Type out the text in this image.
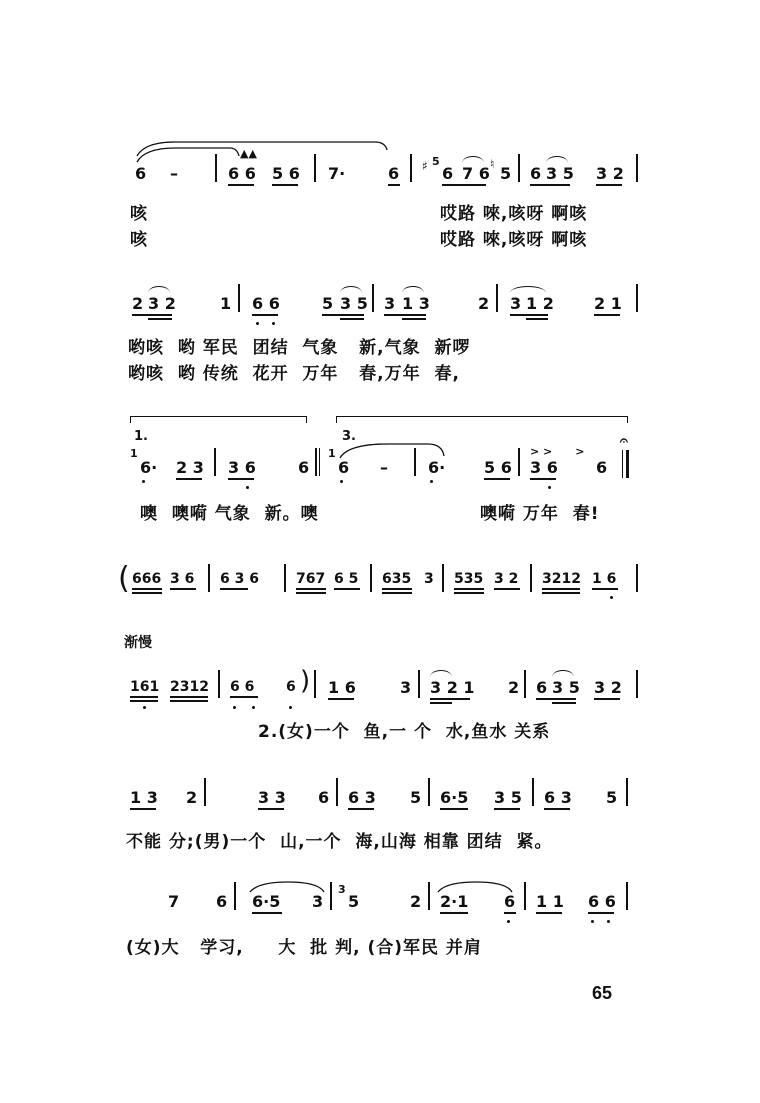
▲▲
6 –	6 6 5 6 7·	6 ♯ 5
6 7 6 ♮ 5 6 3 5 3 2
咳	哎路 唻,咳呀 啊咳
咳	哎路 唻,咳呀 啊咳
2 3 2	1 6 6	5 3 5 3 1 3	2 3 1 2	2 1
哟咳  哟 军民  团结  气象   新,气象  新啰
哟咳  哟 传统  花开  万年   春,万年  春,
1.	3.
1
6· 2 3 3 6	6
1
6 –	6· 5 6
> >      >
3 6 6
𝄐
噢  噢嗬 气象  新。噢	噢嗬 万年  春!
( 666 3 6 6 3 6	767 6 5 635 3 535 3 2 3212 1 6
渐慢
161 2312 6 6 6 ) 1 6	3 3 2 1 2 6 3 5 3 2
2.(女)一个  鱼,一 个  水,鱼水 关系
1 3 2	3 3 6 6 3 5 6·5 3 5 6 3 5
不能 分;(男)一个  山,一个  海,山海 相靠 团结  紧。
7 6 6·5 3
3
5	2 2·1 6 1 1 6 6
(女)大   学习,     大  批 判, (合)军民 并肩
65
